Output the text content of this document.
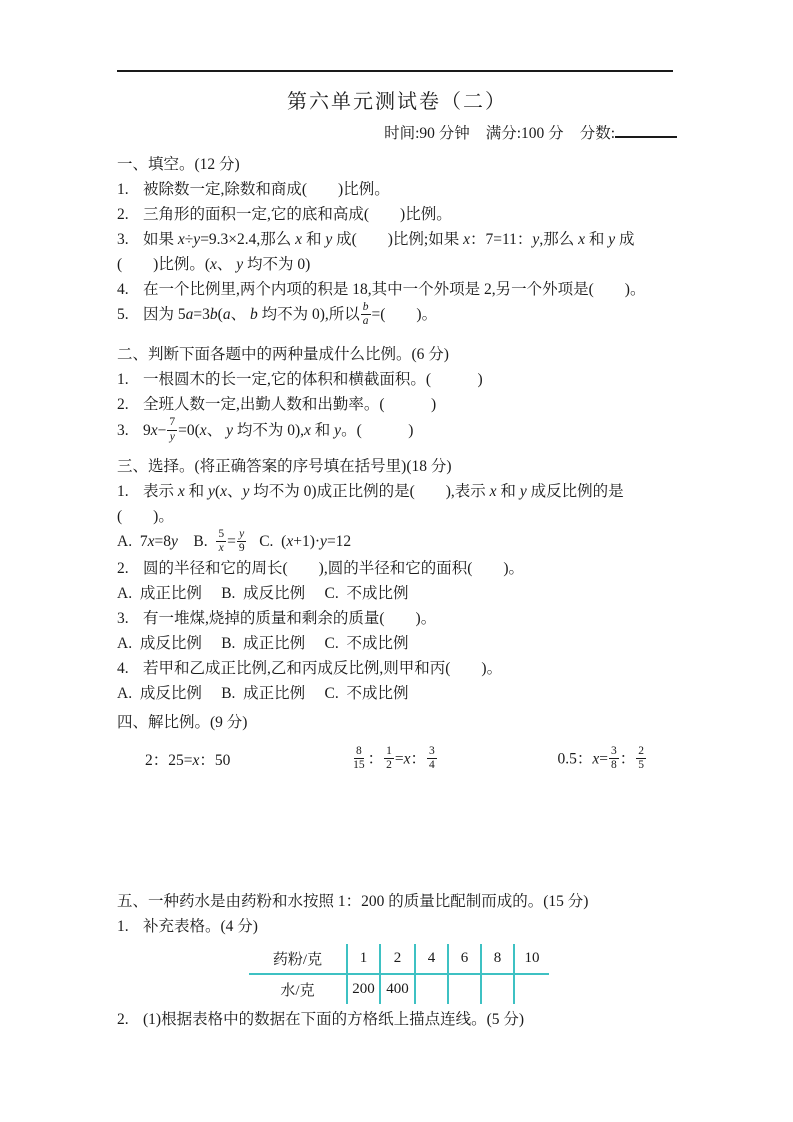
第六单元测试卷（二）
时间:90 分钟 满分:100 分 分数:
一、填空。(12 分)
1. 被除数一定,除数和商成(　　)比例。
2. 三角形的面积一定,它的底和高成(　　)比例。
3. 如果 x÷y=9.3×2.4,那么 x 和 y 成(　　)比例;如果 x：7=11：y,那么 x 和 y 成
(　　)比例。(x、 y 均不为 0)
4. 在一个比例里,两个内项的积是 18,其中一个外项是 2,另一个外项是(　　)。
5. 因为 5a=3b(a、 b 均不为 0),所以 $\frac{b}{a}$ =(　　)。
二、判断下面各题中的两种量成什么比例。(6 分)
1. 一根圆木的长一定,它的体积和横截面积。(　　　)
2. 全班人数一定,出勤人数和出勤率。(　　　)
3. $9x- \frac{7}{y} =0(x$、 y 均不为 0),x 和 y。(　　　)
三、选择。(将正确答案的序号填在括号里)(18 分)
1. 表示 x 和 y(x、y 均不为 0)成正比例的是(　　),表示 x 和 y 成反比例的是(　　)。
A.  7x=8y    B. $\frac{5}{x} = \frac{y}{9} C$.  (x+1)·y=12
2. 圆的半径和它的周长(　　),圆的半径和它的面积(　　)。
A.  成正比例     B.  成反比例     C.  不成比例
3. 有一堆煤,烧掉的质量和剩余的质量(　　)。
A.  成反比例     B.  成正比例     C.  不成比例
4. 若甲和乙成正比例,乙和丙成反比例,则甲和丙(　　)。
A.  成反比例     B.  成正比例     C.  不成比例
四、解比例。(9 分)
2：25=x：50	$\frac{8}{15}$ ： $\frac{1}{2} =x$： $\frac{3}{4}$	0.5：$x= \frac{3}{8}$ ： $\frac{2}{5}$
五、一种药水是由药粉和水按照 1：200 的质量比配制而成的。(15 分)
1. 补充表格。(4 分)
药粉/克	1	2	4	6	8	10
水/克	200	400				
2. (1)根据表格中的数据在下面的方格纸上描点连线。(5 分)
